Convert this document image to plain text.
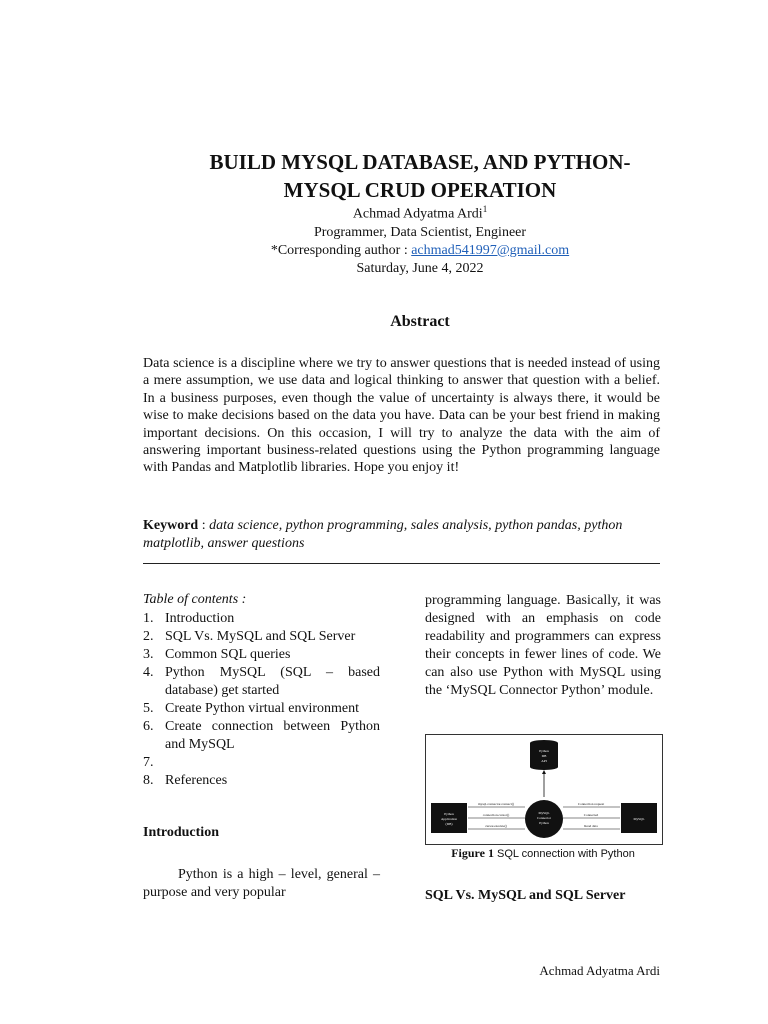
BUILD MYSQL DATABASE, AND PYTHON-
MYSQL CRUD OPERATION
Achmad Adyatma Ardi$^1$
Programmer, Data Scientist, Engineer
*Corresponding author : achmad541997@gmail.com
Saturday, June 4, 2022
Abstract

Data science is a discipline where we try to answer questions that is needed instead of using a mere assumption, we use data and logical thinking to answer that question with a belief. In a business purposes, even though the value of uncertainty is always there, it would be wise to make decisions based on the data you have. Data can be your best friend in making important decisions. On this occasion, I will try to analyze the data with the aim of answering important business-related questions using the Python programming language with Pandas and Matplotlib libraries. Hope you enjoy it!

Keyword : data science, python programming, sales analysis, python pandas, python matplotlib, answer questions

Table of contents :
1. Introduction
2. SQL Vs. MySQL and SQL Server
3. Common SQL queries
4. Python MySQL (SQL – based database) get started
5. Create Python virtual environment
6. Create connection between Python and MySQL
7.
8. References
Introduction

Python is a high – level, general – purpose and very popular

programming language. Basically, it was designed with an emphasis on code readability and programmers can express their concepts in fewer lines of code. We can also use Python with MySQL using the ‘MySQL Connector Python’ module.

Python
DB
API
Python
Application
(DB)
MySQL
Connector
Python
MySQL
mysql.connector.connect()
connection.cursor()
cursor.execute()
Connection request
Connected
Read data
Figure 1 SQL connection with Python
SQL Vs. MySQL and SQL Server
Achmad Adyatma Ardi
